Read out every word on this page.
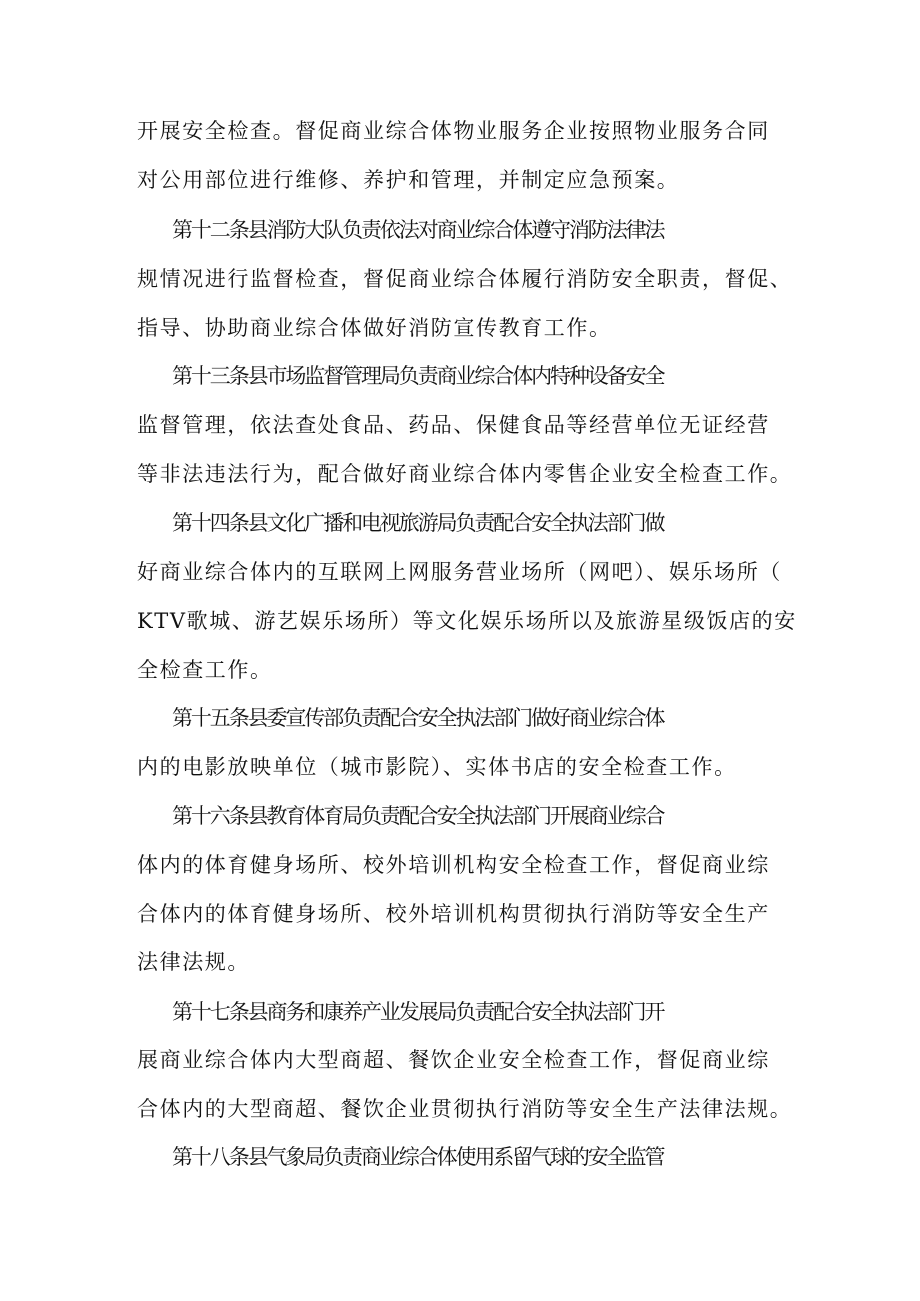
开展安全检查。督促商业综合体物业服务企业按照物业服务合同
对公用部位进行维修、养护和管理，并制定应急预案。
第十二条县消防大队负责依法对商业综合体遵守消防法律法
规情况进行监督检查，督促商业综合体履行消防安全职责，督促、
指导、协助商业综合体做好消防宣传教育工作。
第十三条县市场监督管理局负责商业综合体内特种设备安全
监督管理，依法查处食品、药品、保健食品等经营单位无证经营
等非法违法行为，配合做好商业综合体内零售企业安全检查工作。
第十四条县文化广播和电视旅游局负责配合安全执法部门做
好商业综合体内的互联网上网服务营业场所（网吧）、娱乐场所（
KTV歌城、游艺娱乐场所）等文化娱乐场所以及旅游星级饭店的安
全检查工作。
第十五条县委宣传部负责配合安全执法部门做好商业综合体
内的电影放映单位（城市影院）、实体书店的安全检查工作。
第十六条县教育体育局负责配合安全执法部门开展商业综合
体内的体育健身场所、校外培训机构安全检查工作，督促商业综
合体内的体育健身场所、校外培训机构贯彻执行消防等安全生产
法律法规。
第十七条县商务和康养产业发展局负责配合安全执法部门开
展商业综合体内大型商超、餐饮企业安全检查工作，督促商业综
合体内的大型商超、餐饮企业贯彻执行消防等安全生产法律法规。
第十八条县气象局负责商业综合体使用系留气球的安全监管
